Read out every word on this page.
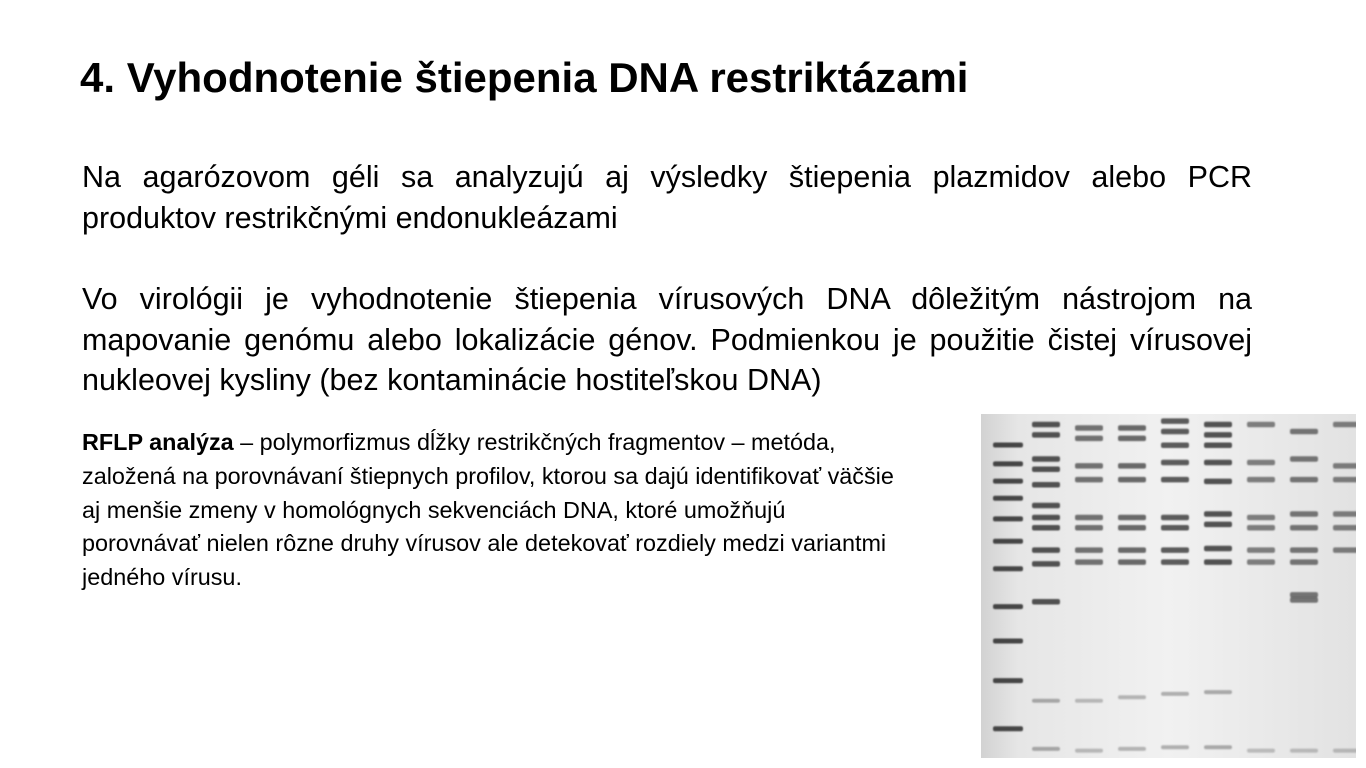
4. Vyhodnotenie štiepenia DNA restriktázami
Na agarózovom géli sa analyzujú aj výsledky štiepenia plazmidov alebo PCR produktov restrikčnými endonukleázami
Vo virológii je vyhodnotenie štiepenia vírusových DNA dôležitým nástrojom na mapovanie genómu alebo lokalizácie génov. Podmienkou je použitie čistej vírusovej nukleovej kysliny (bez kontaminácie hostiteľskou DNA)
RFLP analýza – polymorfizmus dĺžky restrikčných fragmentov – metóda, založená na porovnávaní štiepnych profilov, ktorou sa dajú identifikovať väčšie aj menšie zmeny v homológnych sekvenciách DNA, ktoré umožňujú porovnávať nielen rôzne druhy vírusov ale detekovať rozdiely medzi variantmi jedného vírusu.
